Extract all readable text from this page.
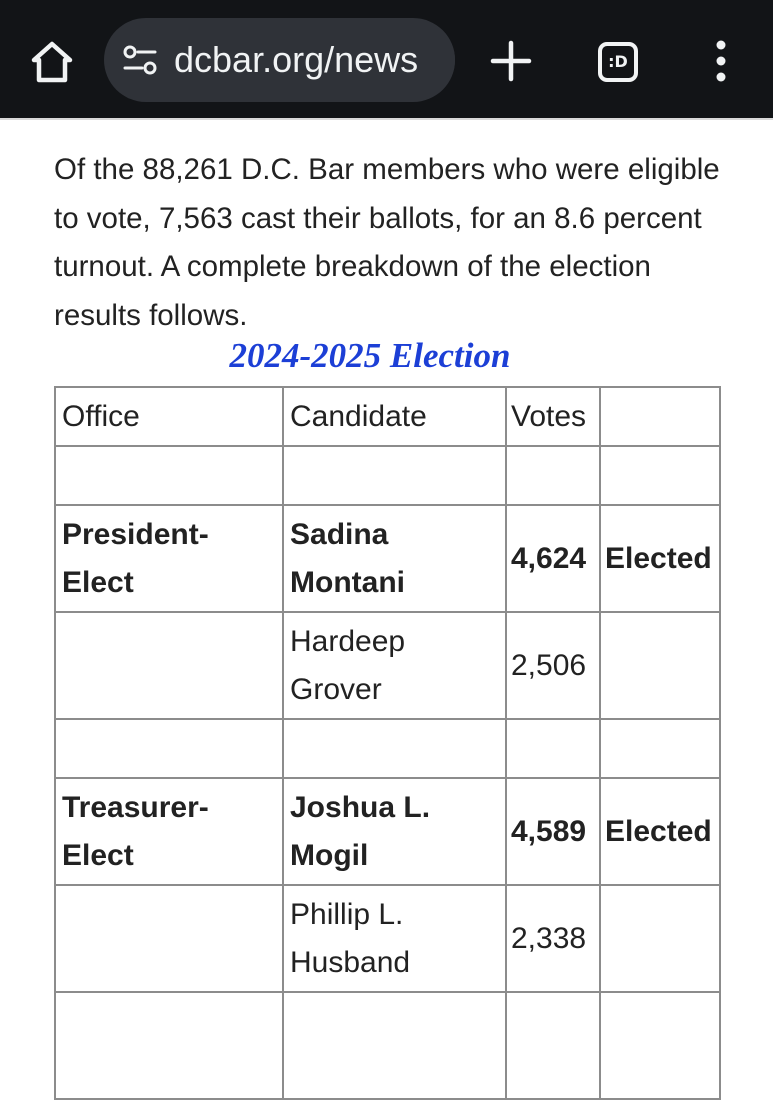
dcbar.org/news	:D

Of the 88,261 D.C. Bar members who were eligible to vote, 7,563 cast their ballots, for an 8.6 percent turnout. A complete breakdown of the election results follows.

2024-2025 Election
Office	Candidate	Votes	

President-Elect	Sadina Montani	4,624	Elected
	Hardeep Grover	2,506	

Treasurer-Elect	Joshua L. Mogil	4,589	Elected
	Phillip L. Husband	2,338	
